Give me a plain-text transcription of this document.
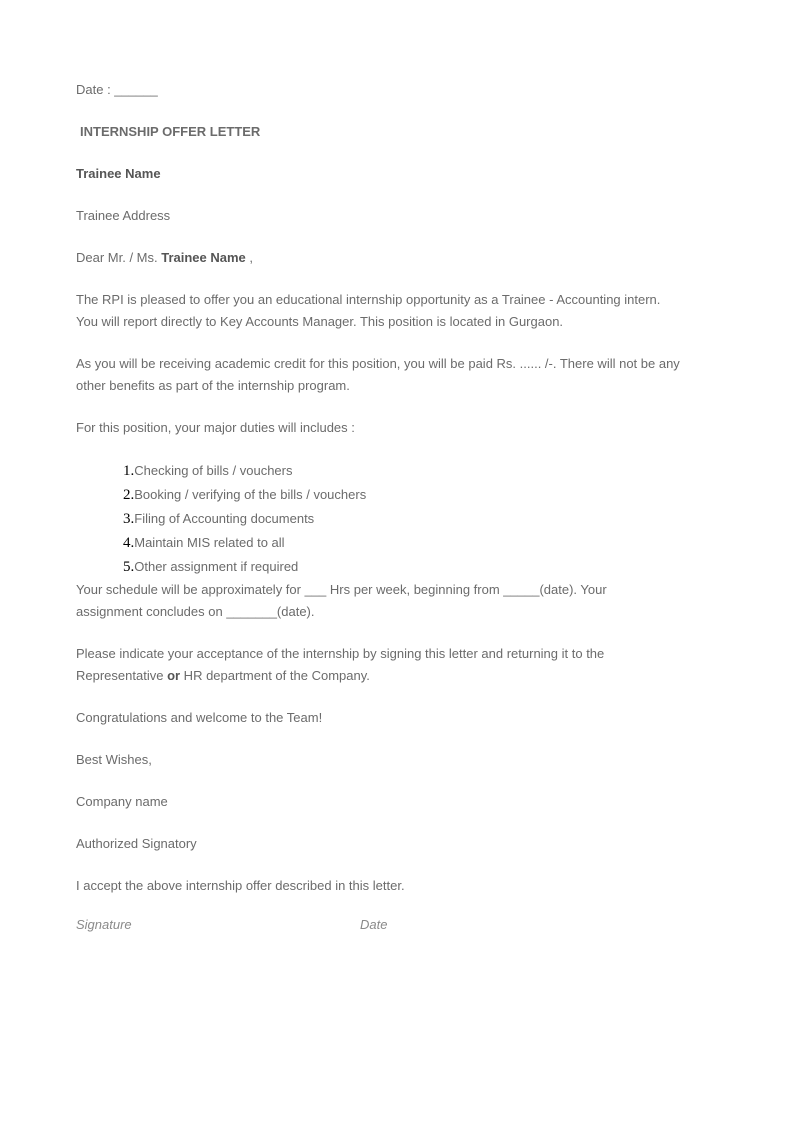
Date : ______

INTERNSHIP OFFER LETTER

Trainee Name

Trainee Address

Dear Mr. / Ms. Trainee Name ,

The RPI is pleased to offer you an educational internship opportunity as a Trainee - Accounting intern.

You will report directly to Key Accounts Manager. This position is located in Gurgaon.

As you will be receiving academic credit for this position, you will be paid Rs. ...... /-. There will not be any

other benefits as part of the internship program.

For this position, your major duties will includes :

1.Checking of bills / vouchers
2.Booking / verifying of the bills / vouchers
3.Filing of Accounting documents
4.Maintain MIS related to all
5.Other assignment if required

Your schedule will be approximately for ___ Hrs per week, beginning from _____(date). Your

assignment concludes on _______(date).

Please indicate your acceptance of the internship by signing this letter and returning it to the

Representative or HR department of the Company.

Congratulations and welcome to the Team!

Best Wishes,

Company name

Authorized Signatory

I accept the above internship offer described in this letter.

Signature	Date
